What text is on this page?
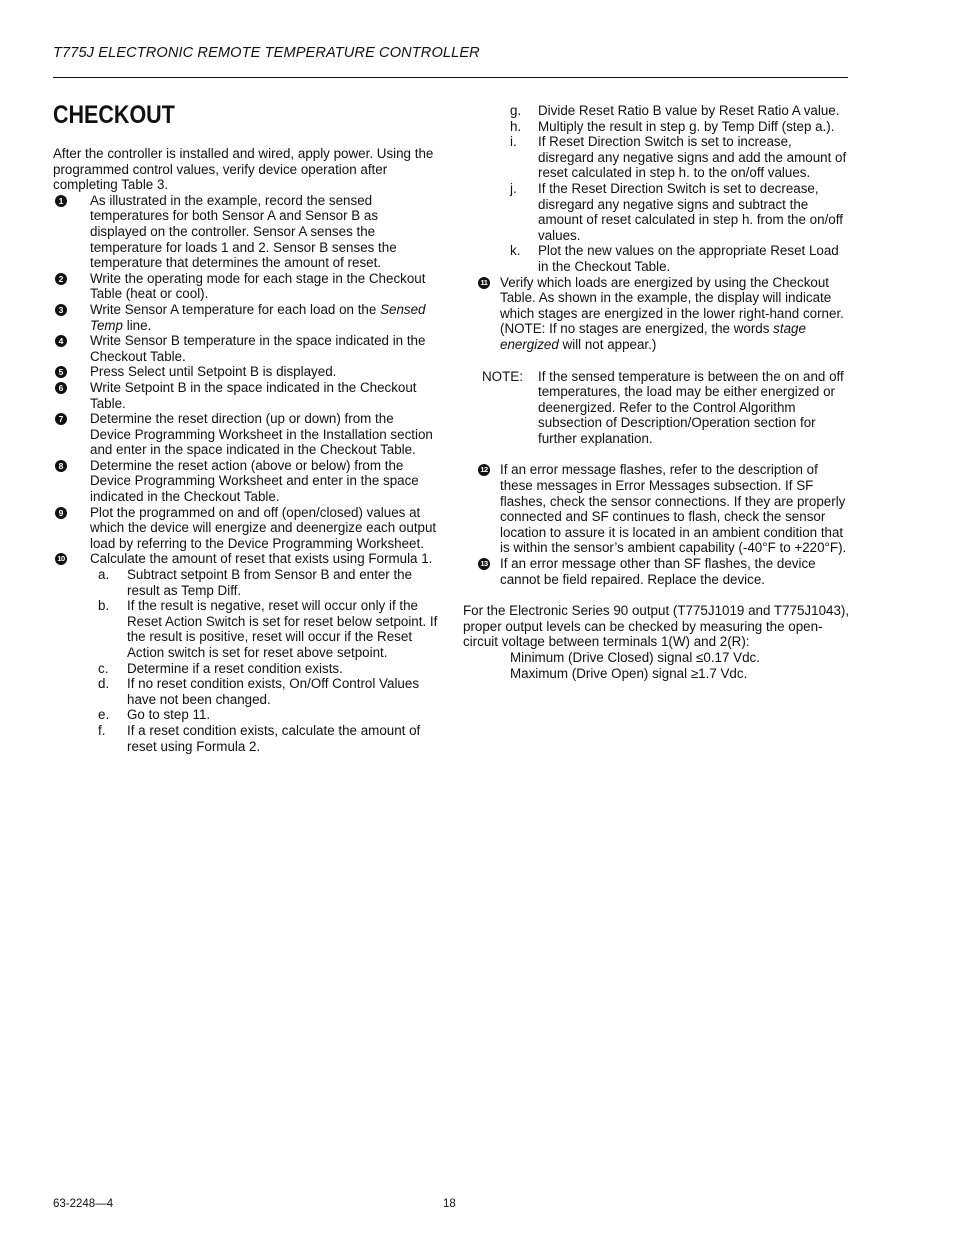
T775J ELECTRONIC REMOTE TEMPERATURE CONTROLLER
CHECKOUT

After the controller is installed and wired, apply power. Using the programmed control values, verify device operation after completing Table 3.

1 As illustrated in the example, record the sensed temperatures for both Sensor A and Sensor B as displayed on the controller. Sensor A senses the temperature for loads 1 and 2. Sensor B senses the temperature that determines the amount of reset.
2 Write the operating mode for each stage in the Checkout Table (heat or cool).
3 Write Sensor A temperature for each load on the Sensed Temp line.
4 Write Sensor B temperature in the space indicated in the Checkout Table.
5 Press Select until Setpoint B is displayed.
6 Write Setpoint B in the space indicated in the Checkout Table.
7 Determine the reset direction (up or down) from the Device Programming Worksheet in the Installation section and enter in the space indicated in the Checkout Table.
8 Determine the reset action (above or below) from the Device Programming Worksheet and enter in the space indicated in the Checkout Table.
9 Plot the programmed on and off (open/closed) values at which the device will energize and deenergize each output load by referring to the Device Programming Worksheet.
10 Calculate the amount of reset that exists using Formula 1.
a. Subtract setpoint B from Sensor B and enter the result as Temp Diff.
b. If the result is negative, reset will occur only if the Reset Action Switch is set for reset below setpoint. If the result is positive, reset will occur if the Reset Action switch is set for reset above setpoint.
c. Determine if a reset condition exists.
d. If no reset condition exists, On/Off Control Values have not been changed.
e. Go to step 11.
f. If a reset condition exists, calculate the amount of reset using Formula 2.
g. Divide Reset Ratio B value by Reset Ratio A value.
h. Multiply the result in step g. by Temp Diff (step a.).
i. If Reset Direction Switch is set to increase, disregard any negative signs and add the amount of reset calculated in step h. to the on/off values.
j. If the Reset Direction Switch is set to decrease, disregard any negative signs and subtract the amount of reset calculated in step h. from the on/off values.
k. Plot the new values on the appropriate Reset Load in the Checkout Table.
11 Verify which loads are energized by using the Checkout Table. As shown in the example, the display will indicate which stages are energized in the lower right-hand corner. (NOTE: If no stages are energized, the words stage energized will not appear.)
NOTE: If the sensed temperature is between the on and off temperatures, the load may be either energized or deenergized. Refer to the Control Algorithm subsection of Description/Operation section for further explanation.
12 If an error message flashes, refer to the description of these messages in Error Messages subsection. If SF flashes, check the sensor connections. If they are properly connected and SF continues to flash, check the sensor location to assure it is located in an ambient condition that is within the sensor’s ambient capability (-40°F to +220°F).
13 If an error message other than SF flashes, the device cannot be field repaired. Replace the device.

For the Electronic Series 90 output (T775J1019 and T775J1043), proper output levels can be checked by measuring the open-circuit voltage between terminals 1(W) and 2(R):

Minimum (Drive Closed) signal ≤0.17 Vdc.

Maximum (Drive Open) signal ≥1.7 Vdc.

63-2248—4	18
